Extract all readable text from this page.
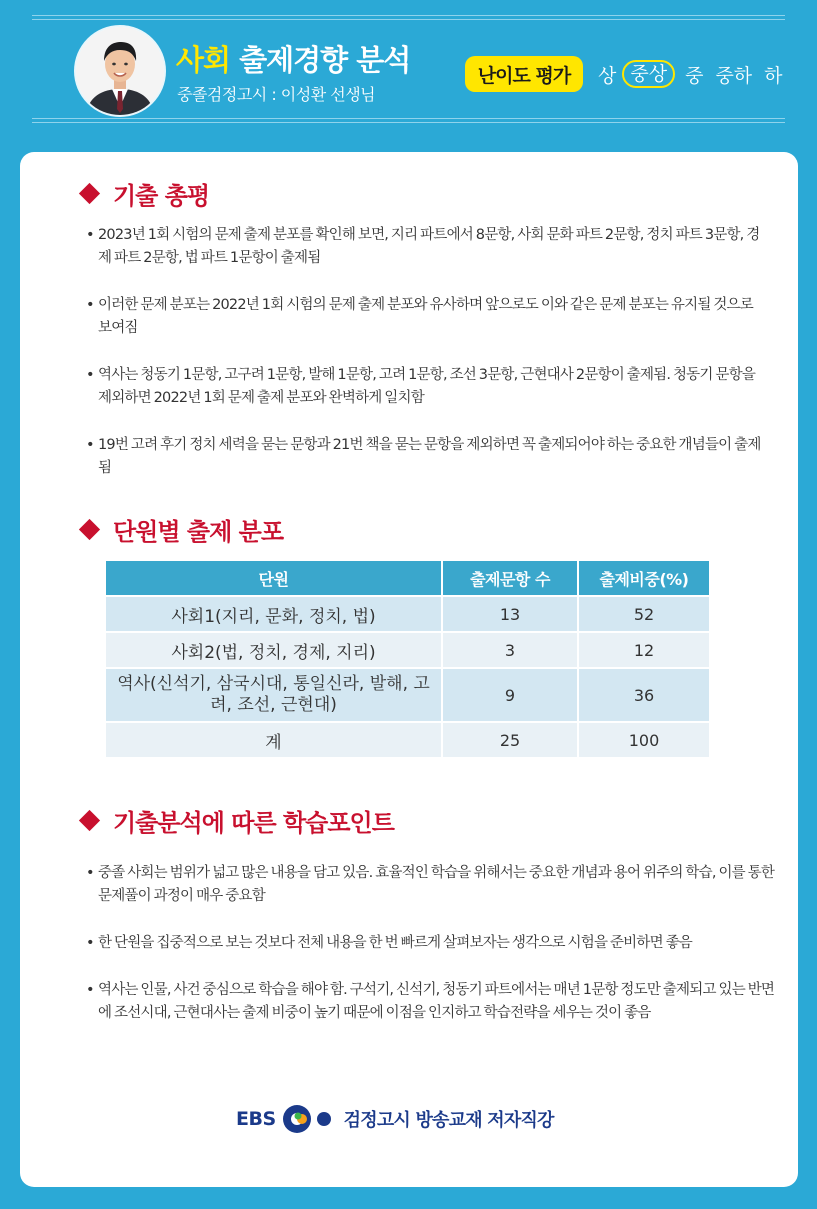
사회 출제경향 분석
중졸검정고시 : 이성환 선생님
난이도 평가	상 중상 중 중하 하
기출 총평
• 2023년 1회 시험의 문제 출제 분포를 확인해 보면, 지리 파트에서 8문항, 사회 문화 파트 2문항, 정치 파트 3문항, 경제 파트 2문항, 법 파트 1문항이 출제됨
• 이러한 문제 분포는 2022년 1회 시험의 문제 출제 분포와 유사하며 앞으로도 이와 같은 문제 분포는 유지될 것으로 보여짐
• 역사는 청동기 1문항, 고구려 1문항, 발해 1문항, 고려 1문항, 조선 3문항, 근현대사 2문항이 출제됨. 청동기 문항을 제외하면 2022년 1회 문제 출제 분포와 완벽하게 일치함
• 19번 고려 후기 정치 세력을 묻는 문항과 21번 책을 묻는 문항을 제외하면 꼭 출제되어야 하는 중요한 개념들이 출제됨
단원별 출제 분포
단원	출제문항 수	출제비중(%)
사회1(지리, 문화, 정치, 법)	13	52
사회2(법, 정치, 경제, 지리)	3	12
역사(신석기, 삼국시대, 통일신라, 발해, 고려, 조선, 근현대)	9	36
계	25	100
기출분석에 따른 학습포인트
• 중졸 사회는 범위가 넓고 많은 내용을 담고 있음. 효율적인 학습을 위해서는 중요한 개념과 용어 위주의 학습, 이를 통한 문제풀이 과정이 매우 중요함
• 한 단원을 집중적으로 보는 것보다 전체 내용을 한 번 빠르게 살펴보자는 생각으로 시험을 준비하면 좋음
• 역사는 인물, 사건 중심으로 학습을 해야 함. 구석기, 신석기, 청동기 파트에서는 매년 1문항 정도만 출제되고 있는 반면에 조선시대, 근현대사는 출제 비중이 높기 때문에 이점을 인지하고 학습전략을 세우는 것이 좋음
EBS	검정고시 방송교재 저자직강
